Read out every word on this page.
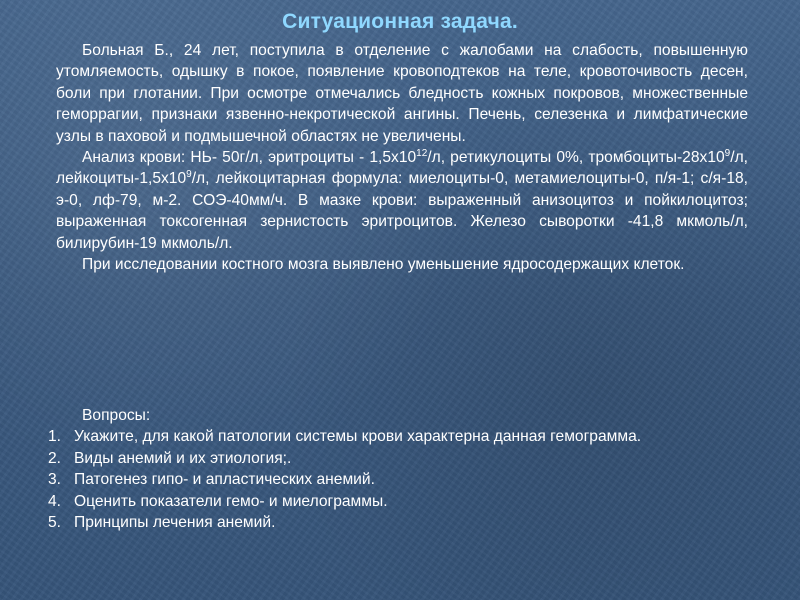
Ситуационная задача.

Больная Б., 24 лет, поступила в отделение с жалобами на слабость, повышенную утомляемость, одышку в покое, появление кровоподтеков на теле, кровоточивость десен, боли при глотании. При осмотре отмечались бледность кожных покровов, множественные геморрагии, признаки язвенно-некротической ангины. Печень, селезенка и лимфатические узлы в паховой и подмышечной областях не увеличены.

Анализ крови: НЬ- 50г/л, эритроциты - $1,5х10^{12}/л$, ретикулоциты 0%, тромбоциты-$28х10^9/л$, лейкоциты-$1,5х10^9/л$, лейкоцитарная формула: миелоциты-0, метамиелоциты-0, п/я-1; с/я-18, э-0, лф-79, м-2. СОЭ-40мм/ч. В мазке крови: выраженный анизоцитоз и пойкилоцитоз; выраженная токсогенная зернистость эритроцитов. Железо сыворотки -41,8 мкмоль/л, билирубин-19 мкмоль/л.

При исследовании костного мозга выявлено уменьшение ядросодержащих клеток.

Вопросы:

1. Укажите, для какой патологии системы крови характерна данная гемограмма.
2. Виды анемий и их этиология;.
3. Патогенез гипо- и апластических анемий.
4. Оценить показатели гемо- и миелограммы.
5. Принципы лечения анемий.
